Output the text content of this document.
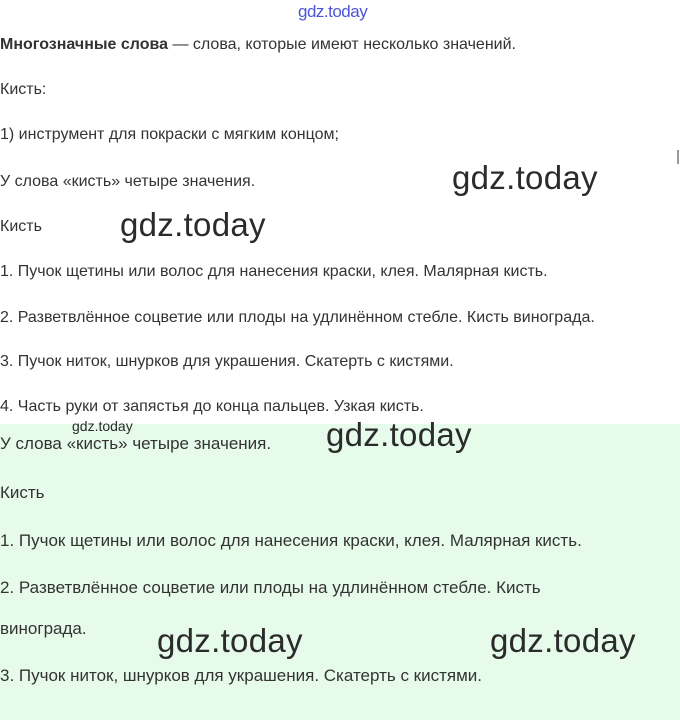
gdz.today
Многозначные слова — слова, которые имеют несколько значений.
Кисть:
1) инструмент для покраски с мягким концом;
У слова «кисть» четыре значения.	gdz.today
Кисть gdz.today
1. Пучок щетины или волос для нанесения краски, клея. Малярная кисть.
2. Разветвлённое соцветие или плоды на удлинённом стебле. Кисть винограда.
3. Пучок ниток, шнурков для украшения. Скатерть с кистями.
4. Часть руки от запястья до конца пальцев. Узкая кисть.
gdz.today
У слова «кисть» четыре значения. gdz.today
Кисть
1. Пучок щетины или волос для нанесения краски, клея. Малярная кисть.
2. Разветвлённое соцветие или плоды на удлинённом стебле. Кисть
винограда. gdz.today	gdz.today
3. Пучок ниток, шнурков для украшения. Скатерть с кистями.
